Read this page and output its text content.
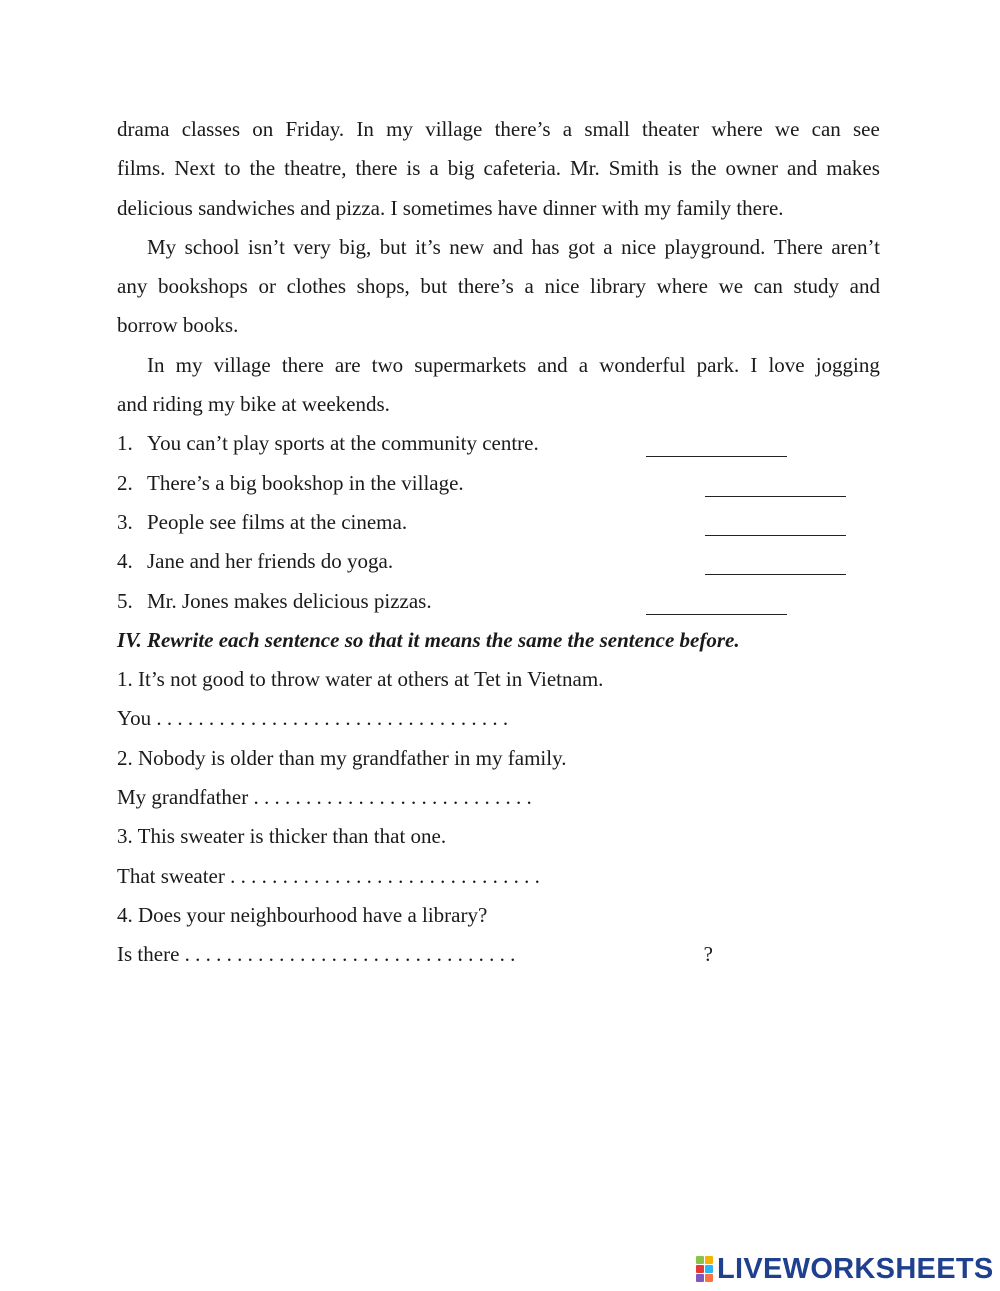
drama classes on Friday. In my village there’s a small theater where we can see
films. Next to the theatre, there is a big cafeteria. Mr. Smith is the owner and makes
delicious sandwiches and pizza. I sometimes have dinner with my family there.
My school isn’t very big, but it’s new and has got a nice playground. There aren’t
any bookshops or clothes shops, but there’s a nice library where we can study and
borrow books.
In my village there are two supermarkets and a wonderful park. I love jogging
and riding my bike at weekends.
1. You can’t play sports at the community centre.
2. There’s a big bookshop in the village.
3. People see films at the cinema.
4. Jane and her friends do yoga.
5. Mr. Jones makes delicious pizzas.
IV. Rewrite each sentence so that it means the same the sentence before.
1. It’s not good to throw water at others at Tet in Vietnam.
You

. . . . . . . . . . . . . . . . . . . . . . . . . . . . . . . . . .
2. Nobody is older than my grandfather in my family.
My grandfather

. . . . . . . . . . . . . . . . . . . . . . . . . . .
3. This sweater is thicker than that one.
That sweater

. . . . . . . . . . . . . . . . . . . . . . . . . . . . . .
4. Does your neighbourhood have a library?
Is there

. . . . . . . . . . . . . . . . . . . . . . . . . . . . . . . .	?
LIVEWORKSHEETS
